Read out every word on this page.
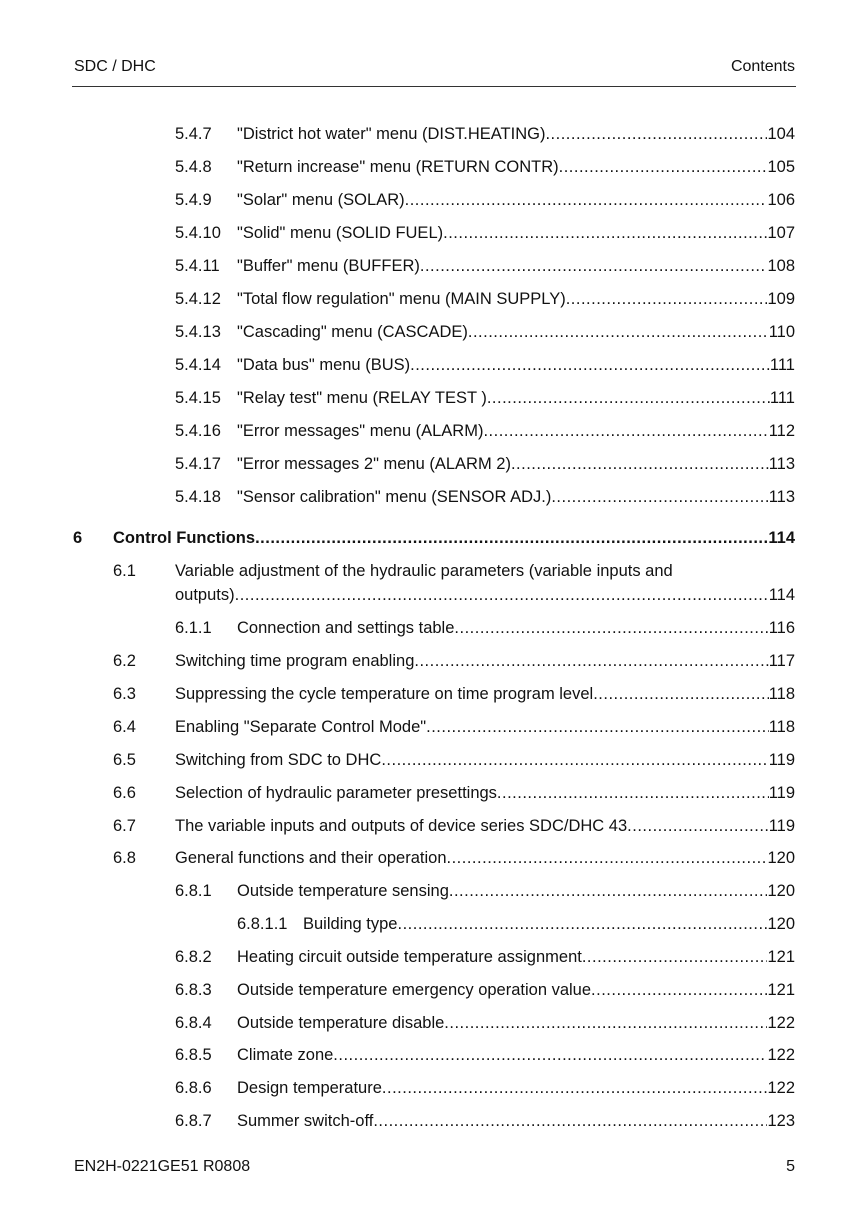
SDC / DHC	Contents
5.4.7 "District hot water" menu (DIST.HEATING) .....	104
5.4.8 "Return increase" menu (RETURN CONTR) .....	105
5.4.9 "Solar" menu (SOLAR) .....	106
5.4.10 "Solid" menu (SOLID FUEL) .....	107
5.4.11 "Buffer" menu (BUFFER) .....	108
5.4.12 "Total flow regulation" menu (MAIN SUPPLY) .....	109
5.4.13 "Cascading" menu (CASCADE) .....	110
5.4.14 "Data bus" menu (BUS) .....	111
5.4.15 "Relay test" menu (RELAY TEST ) .....	111
5.4.16 "Error messages" menu (ALARM) .....	112
5.4.17 "Error messages 2" menu (ALARM 2) .....	113
5.4.18 "Sensor calibration" menu (SENSOR ADJ.) .....	113
6 Control Functions .....	114
6.1 Variable adjustment of the hydraulic parameters (variable inputs and
outputs) .....	114
6.1.1 Connection and settings table .....	116
6.2 Switching time program enabling .....	117
6.3 Suppressing the cycle temperature on time program level .....	118
6.4 Enabling "Separate Control Mode" .....	118
6.5 Switching from SDC to DHC .....	119
6.6 Selection of hydraulic parameter presettings .....	119
6.7 The variable inputs and outputs of device series SDC/DHC 43 .....	119
6.8 General functions and their operation .....	120
6.8.1 Outside temperature sensing .....	120
6.8.1.1 Building type .....	120
6.8.2 Heating circuit outside temperature assignment .....	121
6.8.3 Outside temperature emergency operation value .....	121
6.8.4 Outside temperature disable .....	122
6.8.5 Climate zone .....	122
6.8.6 Design temperature .....	122
6.8.7 Summer switch-off .....	123
EN2H-0221GE51 R0808	5
